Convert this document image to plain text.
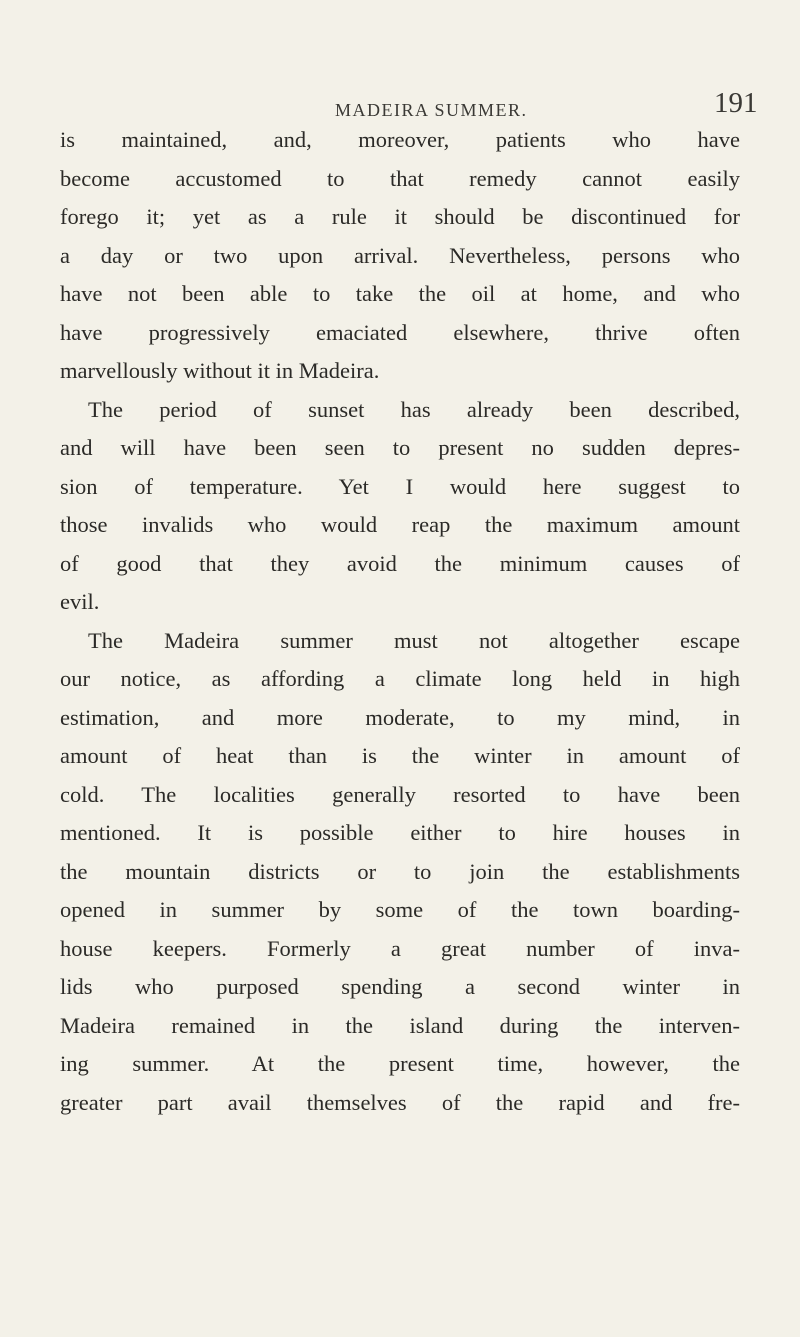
MADEIRA SUMMER.	191
is maintained, and, moreover, patients who have
become accustomed to that remedy cannot easily
forego it; yet as a rule it should be discontinued for
a day or two upon arrival. Nevertheless, persons who
have not been able to take the oil at home, and who
have progressively emaciated elsewhere, thrive often
marvellously without it in Madeira.
The period of sunset has already been described,
and will have been seen to present no sudden depres-
sion of temperature. Yet I would here suggest to
those invalids who would reap the maximum amount
of good that they avoid the minimum causes of
evil.
The Madeira summer must not altogether escape
our notice, as affording a climate long held in high
estimation, and more moderate, to my mind, in
amount of heat than is the winter in amount of
cold. The localities generally resorted to have been
mentioned. It is possible either to hire houses in
the mountain districts or to join the establishments
opened in summer by some of the town boarding-
house keepers. Formerly a great number of inva-
lids who purposed spending a second winter in
Madeira remained in the island during the interven-
ing summer. At the present time, however, the
greater part avail themselves of the rapid and fre-
